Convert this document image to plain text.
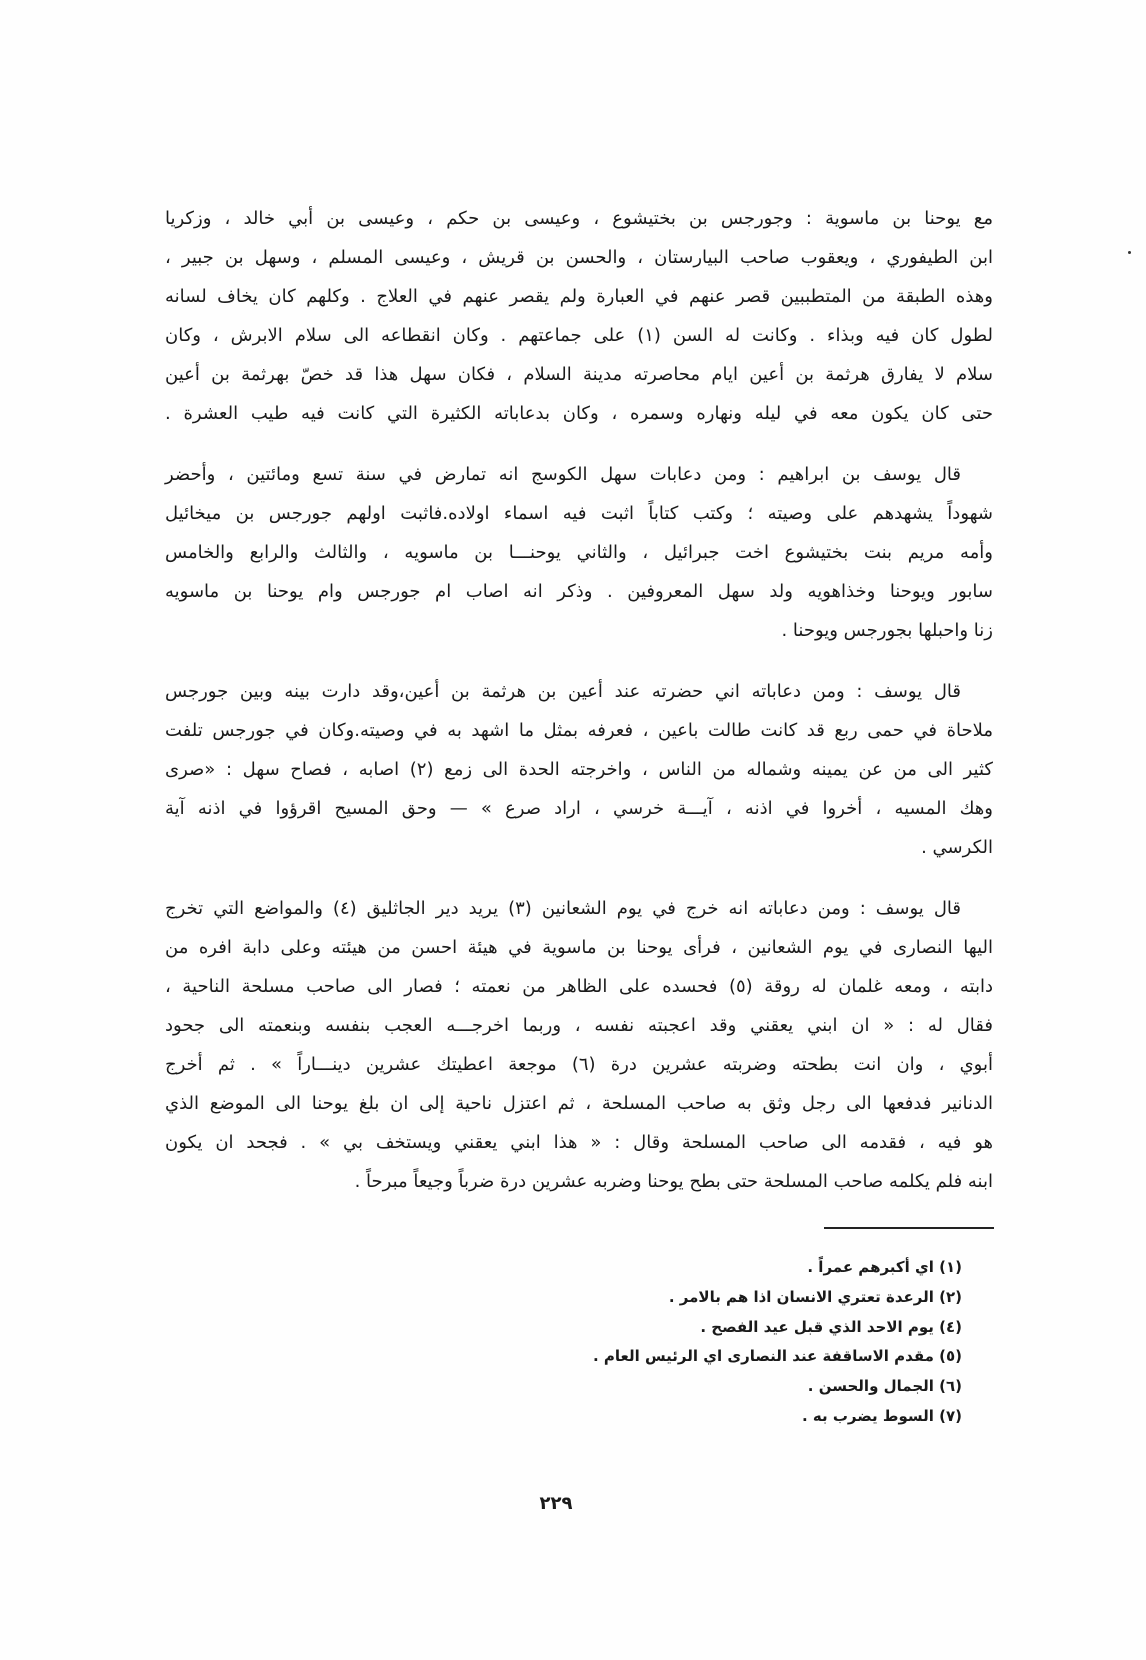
مع يوحنا بن ماسوية : وجورجس بن بختيشوع ، وعيسى بن حكم ، وعيسى بن أبي خالد ، وزكريا
ابن الطيفوري ، ويعقوب صاحب البيارستان ، والحسن بن قريش ، وعيسى المسلم ، وسهل بن جبير ،
وهذه الطبقة من المتطببين قصر عنهم في العبارة ولم يقصر عنهم في العلاج . وكلهم كان يخاف لسانه
لطول كان فيه وبذاء . وكانت له السن (١) على جماعتهم . وكان انقطاعه الى سلام الابرش ، وكان
سلام لا يفارق هرثمة بن أعين ايام محاصرته مدينة السلام ، فكان سهل هذا قد خصّ بهرثمة بن أعين
حتى كان يكون معه في ليله ونهاره وسمره ، وكان بدعاباته الكثيرة التي كانت فيه طيب العشرة .
قال يوسف بن ابراهيم : ومن دعابات سهل الكوسج انه تمارض في سنة تسع ومائتين ، وأحضر
شهوداً يشهدهم على وصيته ؛ وكتب كتاباً اثبت فيه اسماء اولاده.فاثبت اولهم جورجس بن ميخائيل
وأمه مريم بنت بختيشوع اخت جبرائيل ، والثاني يوحنـــا بن ماسويه ، والثالث والرابع والخامس
سابور ويوحنا وخذاهويه ولد سهل المعروفين . وذكر انه اصاب ام جورجس وام يوحنا بن ماسويه
زنا واحبلها بجورجس ويوحنا .
قال يوسف : ومن دعاباته اني حضرته عند أعين بن هرثمة بن أعين،وقد دارت بينه وبين جورجس
ملاحاة في حمى ربع قد كانت طالت باعين ، فعرفه بمثل ما اشهد به في وصيته.وكان في جورجس تلفت
كثير الى من عن يمينه وشماله من الناس ، واخرجته الحدة الى زمع (٢) اصابه ، فصاح سهل : «صرى
وهك المسيه ، أخروا في اذنه ، آيـــة خرسي ، اراد صرع » — وحق المسيح اقرؤوا في اذنه آية
الكرسي .
قال يوسف : ومن دعاباته انه خرج في يوم الشعانين (٣) يريد دير الجاثليق (٤) والمواضع التي تخرج
اليها النصارى في يوم الشعانين ، فرأى يوحنا بن ماسوية في هيئة احسن من هيئته وعلى دابة افره من
دابته ، ومعه غلمان له روقة (٥) فحسده على الظاهر من نعمته ؛ فصار الى صاحب مسلحة الناحية ،
فقال له : « ان ابني يعقني وقد اعجبته نفسه ، وربما اخرجـــه العجب بنفسه وبنعمته الى جحود
أبوي ، وان انت بطحته وضربته عشرين درة (٦) موجعة اعطيتك عشرين دينـــاراً » . ثم أخرج
الدنانير فدفعها الى رجل وثق به صاحب المسلحة ، ثم اعتزل ناحية إلى ان بلغ يوحنا الى الموضع الذي
هو فيه ، فقدمه الى صاحب المسلحة وقال : « هذا ابني يعقني ويستخف بي » . فجحد ان يكون
ابنه فلم يكلمه صاحب المسلحة حتى بطح يوحنا وضربه عشرين درة ضرباً وجيعاً مبرحاً .
(١) اي أكبرهم عمراً .
(٢) الرعدة تعتري الانسان اذا هم بالامر .
(٤) يوم الاحد الذي قبل عيد الفصح .
(٥) مقدم الاساقفة عند النصارى اي الرئيس العام .
(٦) الجمال والحسن .
(٧) السوط يضرب به .
٢٢٩
